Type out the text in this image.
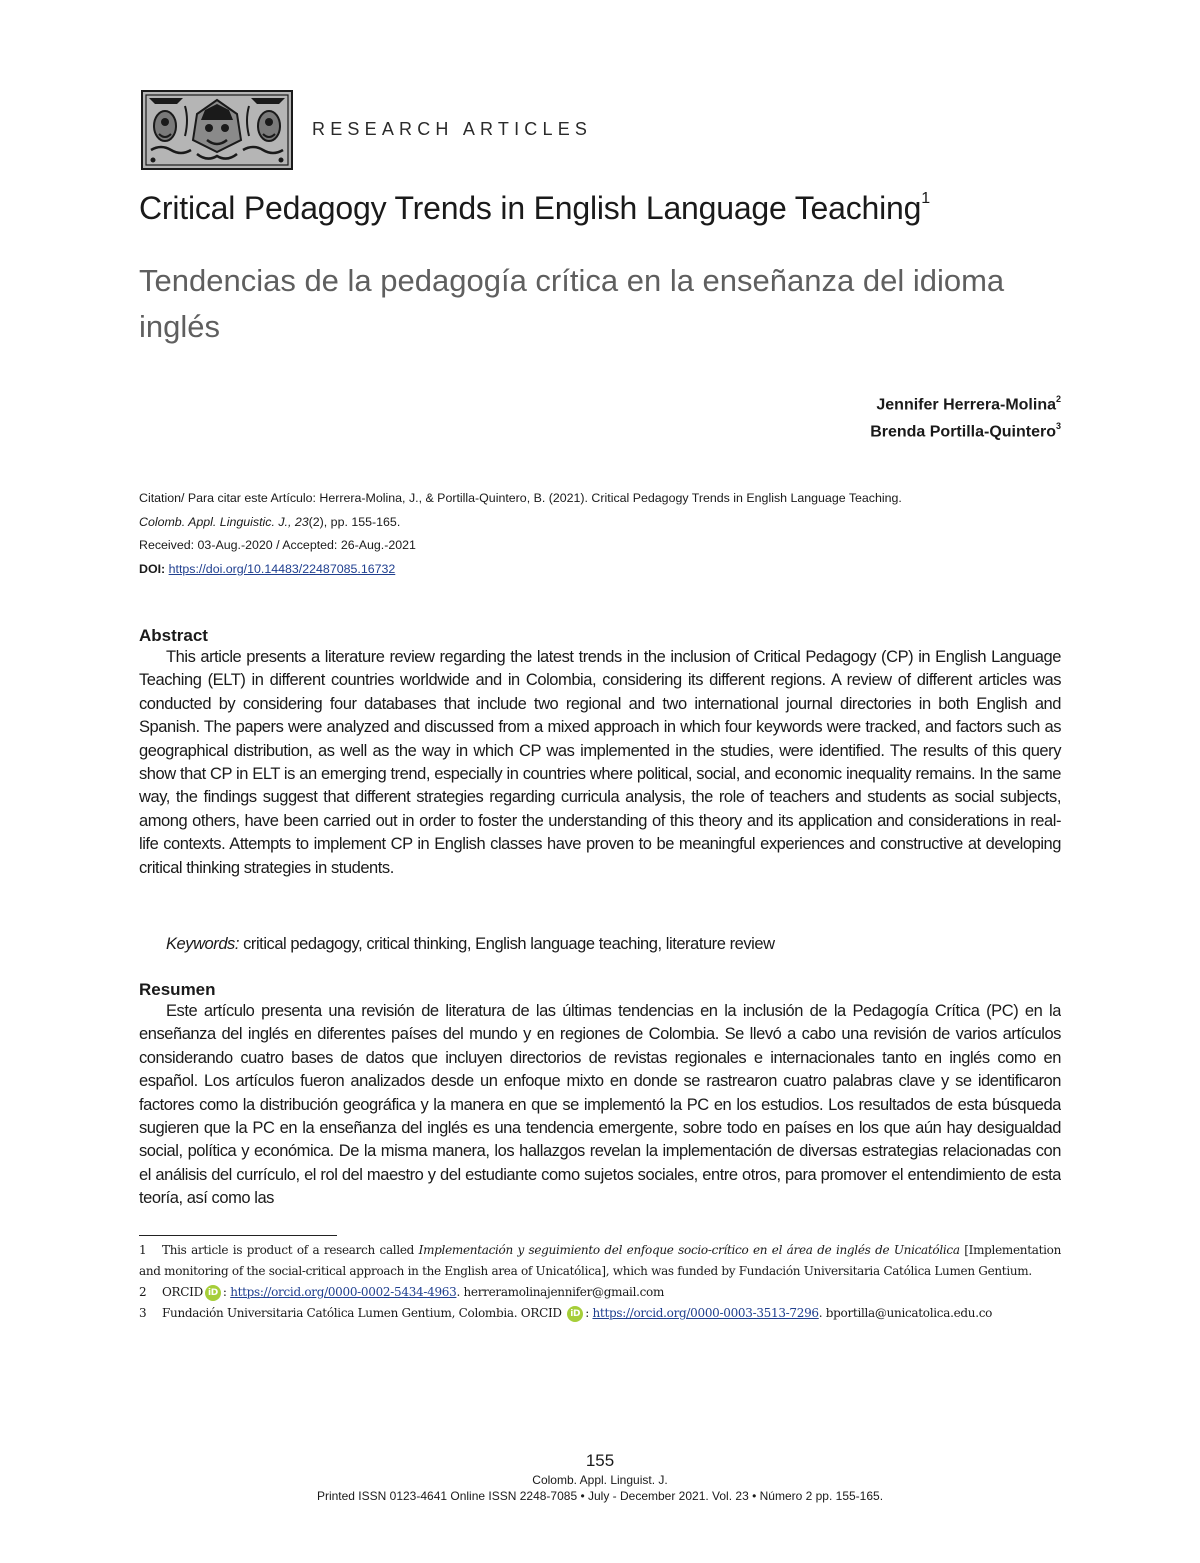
RESEARCH ARTICLES
Critical Pedagogy Trends in English Language Teaching$^1$
Tendencias de la pedagogía crítica en la enseñanza del idioma inglés
Jennifer Herrera-Molina$^2$
Brenda Portilla-Quintero$^3$
Citation/ Para citar este Artículo: Herrera-Molina, J., & Portilla-Quintero, B. (2021). Critical Pedagogy Trends in English Language Teaching.
Colomb. Appl. Linguistic. J., 23(2), pp. 155-165.
Received: 03-Aug.-2020 / Accepted: 26-Aug.-2021
DOI: https://doi.org/10.14483/22487085.16732
Abstract

This article presents a literature review regarding the latest trends in the inclusion of Critical Pedagogy (CP) in English Language Teaching (ELT) in different countries worldwide and in Colombia, considering its different regions. A review of different articles was conducted by considering four databases that include two regional and two international journal directories in both English and Spanish. The papers were analyzed and discussed from a mixed approach in which four keywords were tracked, and factors such as geographical distribution, as well as the way in which CP was implemented in the studies, were identified. The results of this query show that CP in ELT is an emerging trend, especially in countries where political, social, and economic inequality remains. In the same way, the findings suggest that different strategies regarding curricula analysis, the role of teachers and students as social subjects, among others, have been carried out in order to foster the understanding of this theory and its application and considerations in real-life contexts. Attempts to implement CP in English classes have proven to be meaningful experiences and constructive at developing critical thinking strategies in students.

Keywords: critical pedagogy, critical thinking, English language teaching, literature review
Resumen

Este artículo presenta una revisión de literatura de las últimas tendencias en la inclusión de la Pedagogía Crítica (PC) en la enseñanza del inglés en diferentes países del mundo y en regiones de Colombia. Se llevó a cabo una revisión de varios artículos considerando cuatro bases de datos que incluyen directorios de revistas regionales e internacionales tanto en inglés como en español. Los artículos fueron analizados desde un enfoque mixto en donde se rastrearon cuatro palabras clave y se identificaron factores como la distribución geográfica y la manera en que se implementó la PC en los estudios. Los resultados de esta búsqueda sugieren que la PC en la enseñanza del inglés es una tendencia emergente, sobre todo en países en los que aún hay desigualdad social, política y económica. De la misma manera, los hallazgos revelan la implementación de diversas estrategias relacionadas con el análisis del currículo, el rol del maestro y del estudiante como sujetos sociales, entre otros, para promover el entendimiento de esta teoría, así como las

1 This article is product of a research called Implementación y seguimiento del enfoque socio-crítico en el área de inglés de Unicatólica [Implementation and monitoring of the social-critical approach in the English area of Unicatólica], which was funded by Fundación Universitaria Católica Lumen Gentium.

2 ORCID iD : https://orcid.org/0000-0002-5434-4963. herreramolinajennifer@gmail.com

3 Fundación Universitaria Católica Lumen Gentium, Colombia. ORCID iD : https://orcid.org/0000-0003-3513-7296. bportilla@unicatolica.edu.co

155
Colomb. Appl. Linguist. J.
Printed ISSN 0123-4641 Online ISSN 2248-7085 • July - December 2021. Vol. 23 • Número 2 pp. 155-165.
